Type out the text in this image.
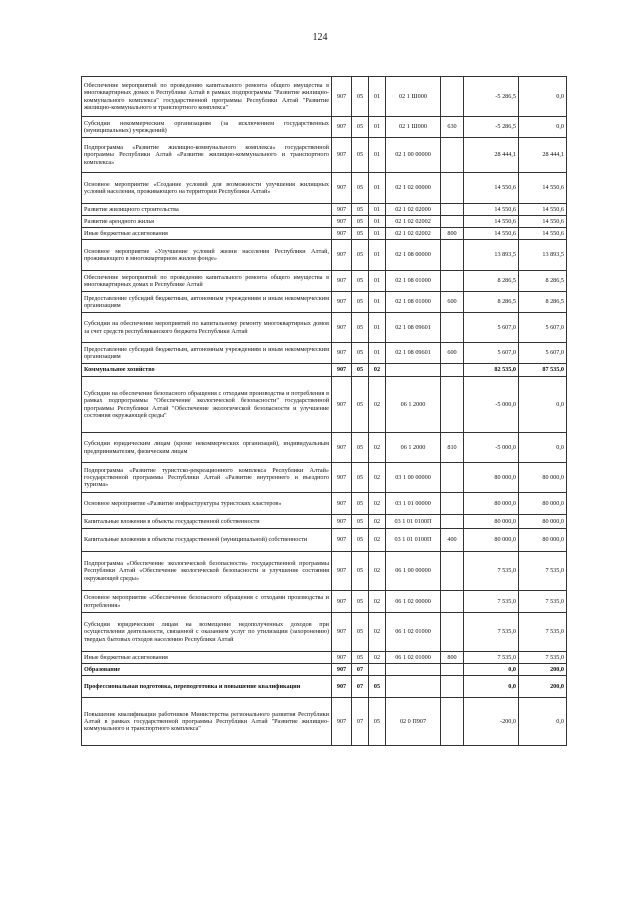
124
Обеспечение мероприятий по проведению капитального ремонта общего имущества в многоквартирных домах в Республике Алтай в рамках подпрограммы "Развитие жилищно-коммунального комплекса" государственной программы Республики Алтай "Развитие жилищно-коммунального и транспортного комплекса"	907	05	01	02 1 Ш000		-5 286,5	0,0
Субсидии некоммерческим организациям (за исключением государственных (муниципальных) учреждений)	907	05	01	02 1 Ш000	630	-5 286,5	0,0
Подпрограмма «Развитие жилищно-коммунального комплекса» государственной программы Республики Алтай «Развитие жилищно-коммунального и транспортного комплекса»	907	05	01	02 1 00 00000		28 444,1	28 444,1
Основное мероприятие «Создание условий для возможности улучшения жилищных условий населения, проживающего на территории Республики Алтай»	907	05	01	02 1 02 00000		14 550,6	14 550,6
Развитие жилищного строительства	907	05	01	02 1 02 02000		14 550,6	14 550,6
Развитие арендного жилья	907	05	01	02 1 02 02002		14 550,6	14 550,6
Иные бюджетные ассигнования	907	05	01	02 1 02 02002	800	14 550,6	14 550,6
Основное мероприятие «Улучшение условий жизни населения Республики Алтай, проживающего в многоквартирном жилом фонде»	907	05	01	02 1 08 00000		13 893,5	13 893,5
Обеспечение мероприятий по проведению капитального ремонта общего имущества в многоквартирных домах в Республике Алтай	907	05	01	02 1 08 01000		8 286,5	8 286,5
Предоставление субсидий бюджетным, автономным учреждениям и иным некоммерческим организациям	907	05	01	02 1 08 01000	600	8 286,5	8 286,5
Субсидии на обеспечение мероприятий по капитальному ремонту многоквартирных домов за счет средств республиканского бюджета Республики Алтай	907	05	01	02 1 08 09601		5 607,0	5 607,0
Предоставление субсидий бюджетным, автономным учреждениям и иным некоммерческим организациям	907	05	01	02 1 08 09601	600	5 607,0	5 607,0
Коммунальное хозяйство	907	05	02			82 535,0	87 535,0
Субсидии на обеспечение безопасного обращения с отходами производства и потребления в рамках подпрограммы "Обеспечение экологической безопасности" государственной программы Республики Алтай "Обеспечение экологической безопасности и улучшение состояния окружающей среды"	907	05	02	06 1 2000		-5 000,0	0,0
Субсидии юридическим лицам (кроме некоммерческих организаций), индивидуальным предпринимателям, физическим лицам	907	05	02	06 1 2000	810	-5 000,0	0,0
Подпрограмма «Развитие туристско-рекреационного комплекса Республики Алтай» государственной программы Республики Алтай «Развитие внутреннего и въездного туризма»	907	05	02	03 1 00 00000		80 000,0	80 000,0
Основное мероприятие «Развитие инфраструктуры туристских кластеров»	907	05	02	03 1 01 00000		80 000,0	80 000,0
Капитальные вложения в объекты государственной собственности	907	05	02	03 1 01 0100П		80 000,0	80 000,0
Капитальные вложения в объекты государственной (муниципальной) собственности	907	05	02	03 1 01 0100П	400	80 000,0	80 000,0
Подпрограмма «Обеспечение экологической безопасности» государственной программы Республики Алтай «Обеспечение экологической безопасности и улучшение состояния окружающей среды»	907	05	02	06 1 00 00000		7 535,0	7 535,0
Основное мероприятие «Обеспечение безопасного обращения с отходами производства и потребления»	907	05	02	06 1 02 00000		7 535,0	7 535,0
Субсидии юридическим лицам на возмещение недополученных доходов при осуществлении деятельности, связанной с оказанием услуг по утилизации (захоронению) твердых бытовых отходов населению Республики Алтай	907	05	02	06 1 02 01000		7 535,0	7 535,0
Иные бюджетные ассигнования	907	05	02	06 1 02 01000	800	7 535,0	7 535,0
Образование	907	07				0,0	200,0
Профессиональная подготовка, переподготовка и повышение квалификации	907	07	05			0,0	200,0
Повышение квалификации работников Министерства регионального развития Республики Алтай в рамках государственной программы Республики Алтай "Развитие жилищно-коммунального и транспортного комплекса"	907	07	05	02 0 П907		-200,0	0,0
